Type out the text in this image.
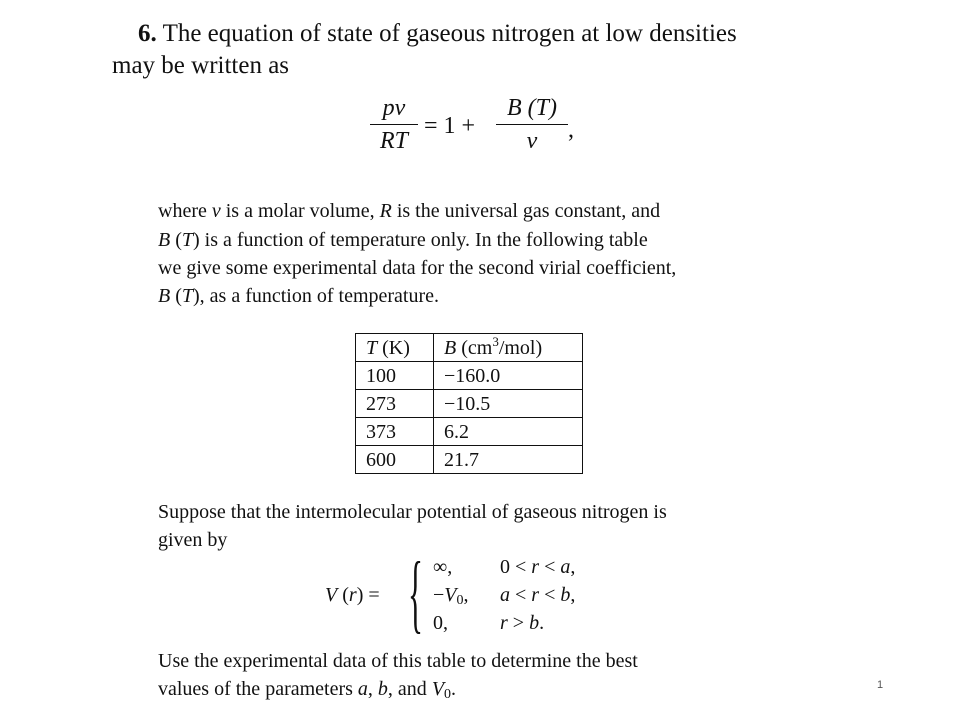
6. The equation of state of gaseous nitrogen at low densities
may be written as
pv
RT
= 1 +
B (T)
v	,
where v is a molar volume, R is the universal gas constant, and
B (T) is a function of temperature only. In the following table
we give some experimental data for the second virial coefficient,
B (T), as a function of temperature.
T (K)	B $(cm^3/mol)$
100	−160.0
273	−10.5
373	6.2
600	21.7
Suppose that the intermolecular potential of gaseous nitrogen is
given by
V (r) = { ∞, 0 < r < a,
$-V_0$, a < r < b,
0,	r > b.
Use the experimental data of this table to determine the best
values of the parameters a, b, and $V_0$.	1
